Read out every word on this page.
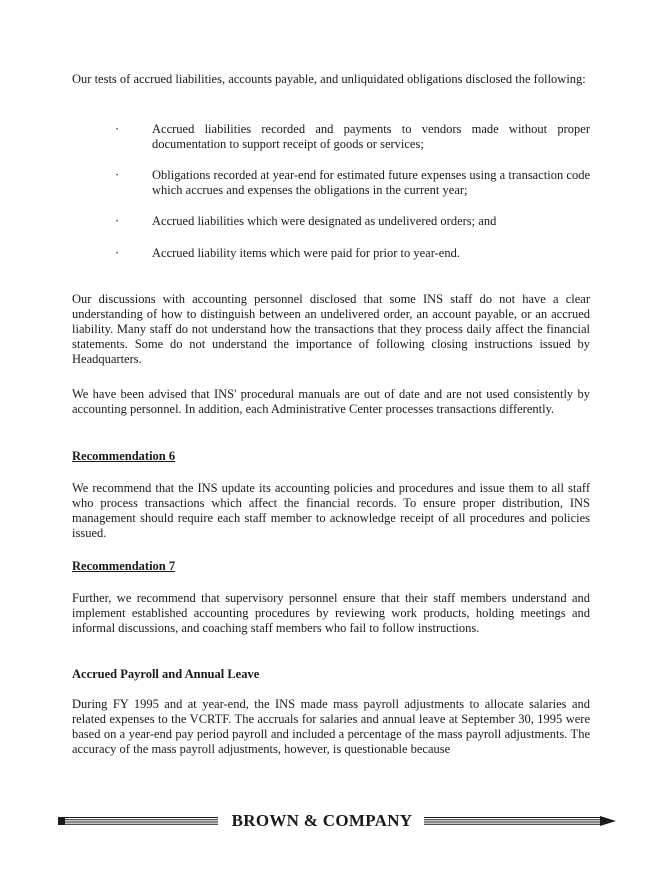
Our tests of accrued liabilities, accounts payable, and unliquidated obligations disclosed the following:

·	Accrued liabilities recorded and payments to vendors made without proper documentation to support receipt of goods or services;

·	Obligations recorded at year-end for estimated future expenses using a transaction code which accrues and expenses the obligations in the current year;

·	Accrued liabilities which were designated as undelivered orders; and

·	Accrued liability items which were paid for prior to year-end.

Our discussions with accounting personnel disclosed that some INS staff do not have a clear understanding of how to distinguish between an undelivered order, an account payable, or an accrued liability. Many staff do not understand how the transactions that they process daily affect the financial statements. Some do not understand the importance of following closing instructions issued by Headquarters.

We have been advised that INS' procedural manuals are out of date and are not used consistently by accounting personnel. In addition, each Administrative Center processes transactions differently.

Recommendation 6

We recommend that the INS update its accounting policies and procedures and issue them to all staff who process transactions which affect the financial records. To ensure proper distribution, INS management should require each staff member to acknowledge receipt of all procedures and policies issued.

Recommendation 7

Further, we recommend that supervisory personnel ensure that their staff members understand and implement established accounting procedures by reviewing work products, holding meetings and informal discussions, and coaching staff members who fail to follow instructions.

Accrued Payroll and Annual Leave

During FY 1995 and at year-end, the INS made mass payroll adjustments to allocate salaries and related expenses to the VCRTF. The accruals for salaries and annual leave at September 30, 1995 were based on a year-end pay period payroll and included a percentage of the mass payroll adjustments. The accuracy of the mass payroll adjustments, however, is questionable because

BROWN & COMPANY
